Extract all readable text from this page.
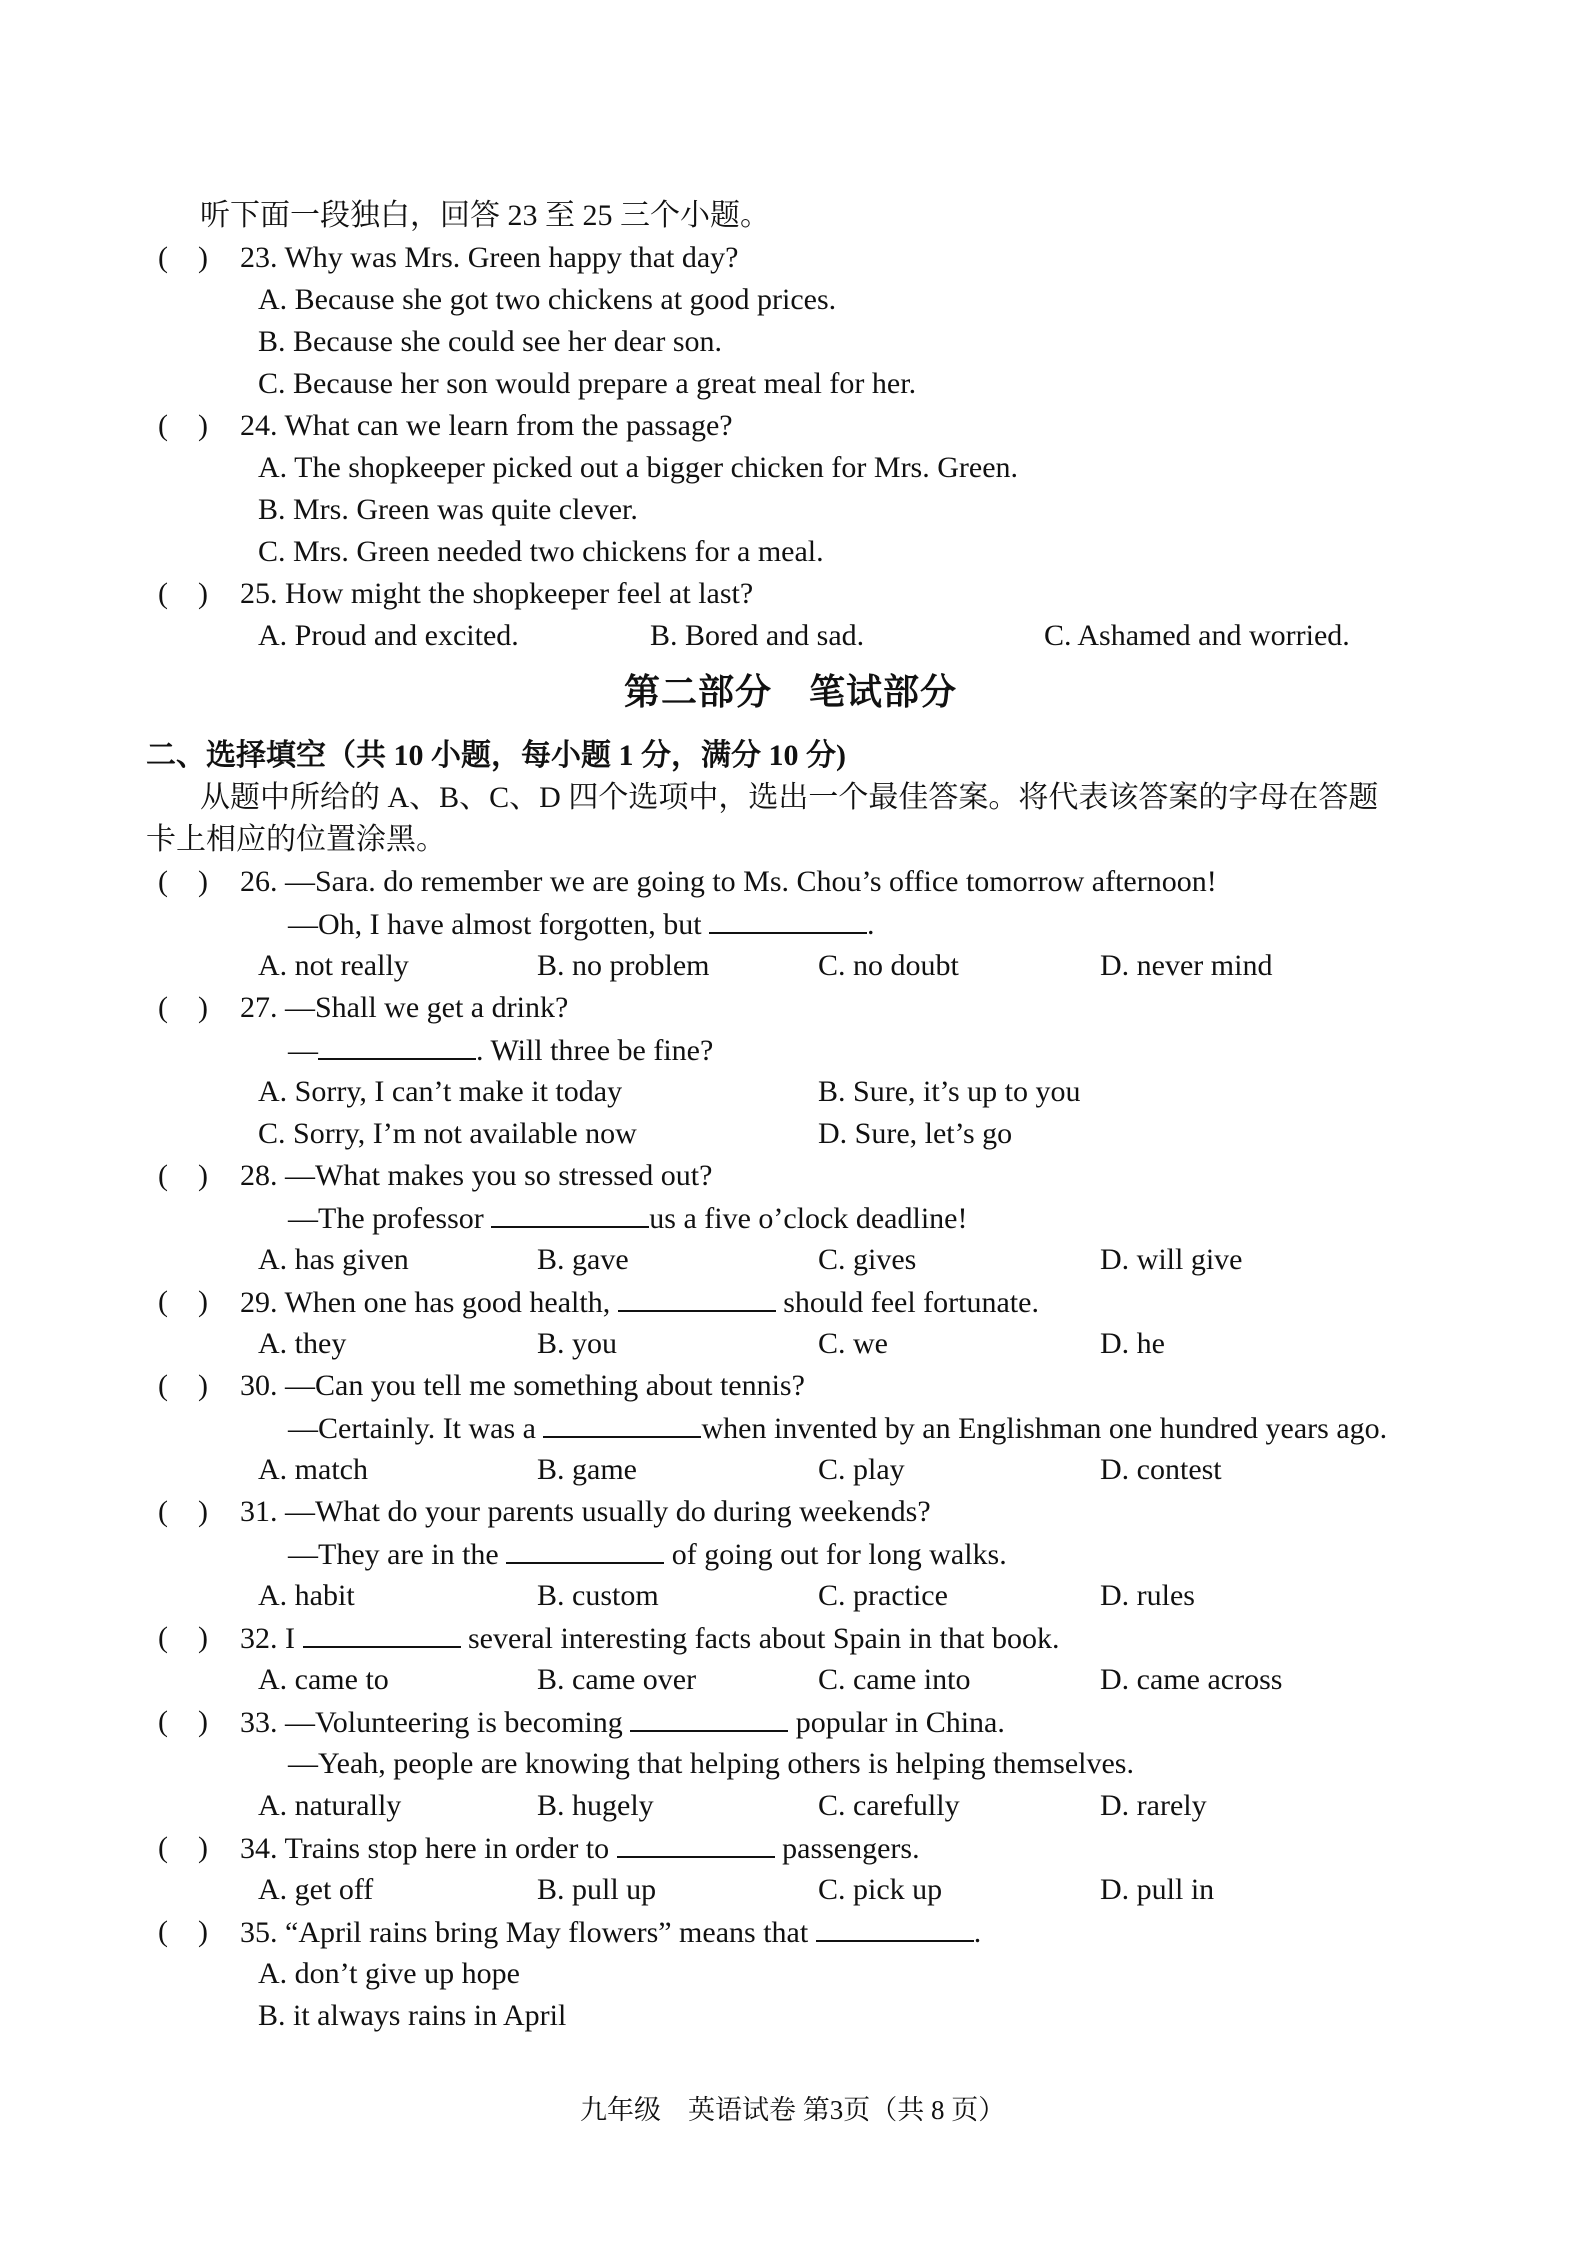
听下面一段独白，回答 23 至 25 三个小题。
(　) 23. Why was Mrs. Green happy that day?
A. Because she got two chickens at good prices.
B. Because she could see her dear son.
C. Because her son would prepare a great meal for her.
(　) 24. What can we learn from the passage?
A. The shopkeeper picked out a bigger chicken for Mrs. Green.
B. Mrs. Green was quite clever.
C. Mrs. Green needed two chickens for a meal.
(　) 25. How might the shopkeeper feel at last?
A. Proud and excited.	B. Bored and sad.	C. Ashamed and worried.
第二部分　笔试部分
二、选择填空（共 10 小题，每小题 1 分，满分 10 分)
从题中所给的 A、B、C、D 四个选项中，选出一个最佳答案。将代表该答案的字母在答题
卡上相应的位置涂黑。
(　) 26. —Sara. do remember we are going to Ms. Chou’s office tomorrow afternoon!
—Oh, I have almost forgotten, but	.
A. not really	B. no problem	C. no doubt	D. never mind
(　) 27. —Shall we get a drink?
—	. Will three be fine?
A. Sorry, I can’t make it today	B. Sure, it’s up to you
C. Sorry, I’m not available now	D. Sure, let’s go
(　) 28. —What makes you so stressed out?
—The professor	us a five o’clock deadline!
A. has given	B. gave	C. gives	D. will give
(　) 29. When one has good health,	should feel fortunate.
A. they	B. you	C. we	D. he
(　) 30. —Can you tell me something about tennis?
—Certainly. It was a	when invented by an Englishman one hundred years ago.
A. match	B. game	C. play	D. contest
(　) 31. —What do your parents usually do during weekends?
—They are in the	of going out for long walks.
A. habit	B. custom	C. practice	D. rules
(　) 32. I	several interesting facts about Spain in that book.
A. came to	B. came over	C. came into	D. came across
(　) 33. —Volunteering is becoming	popular in China.
—Yeah, people are knowing that helping others is helping themselves.
A. naturally	B. hugely	C. carefully	D. rarely
(　) 34. Trains stop here in order to	passengers.
A. get off	B. pull up	C. pick up	D. pull in
(　) 35. “April rains bring May flowers” means that	.
A. don’t give up hope
B. it always rains in April
九年级　英语试卷 第3页（共 8 页）
